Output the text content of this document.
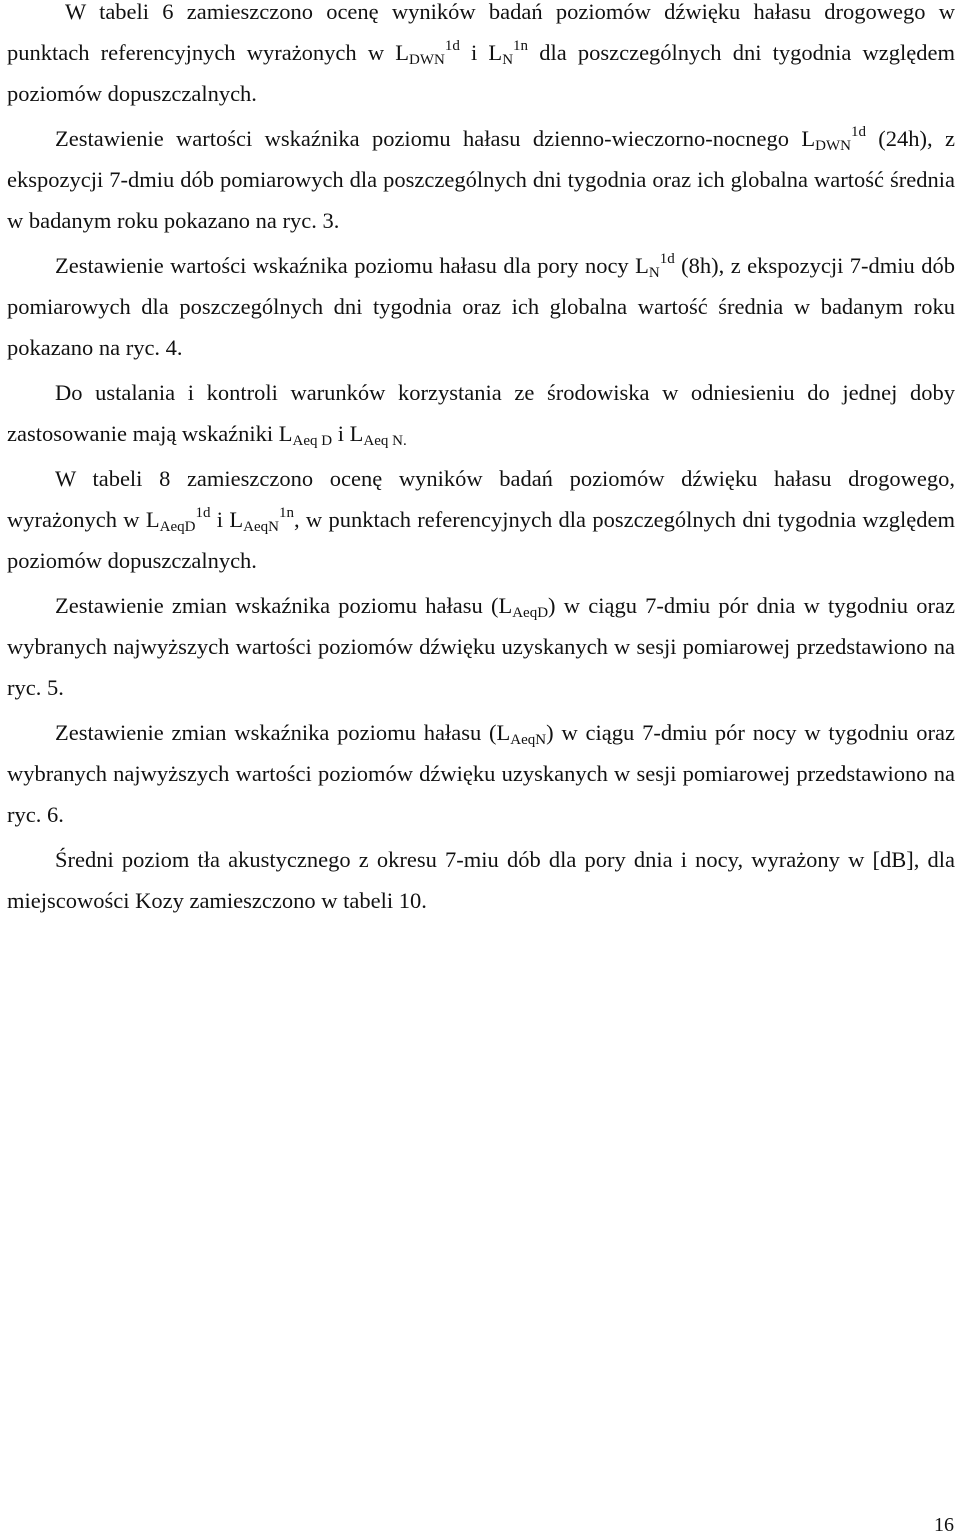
W tabeli 6 zamieszczono ocenę wyników badań poziomów dźwięku hałasu drogowego w punktach referencyjnych wyrażonych w $L_{DWN}^{1d}$ i $L_N^{1n}$ dla poszczególnych dni tygodnia względem poziomów dopuszczalnych.

Zestawienie wartości wskaźnika poziomu hałasu dzienno-wieczorno-nocnego $L_{DWN}^{1d}$ (24h), z ekspozycji 7-dmiu dób pomiarowych dla poszczególnych dni tygodnia oraz ich globalna wartość średnia w badanym roku pokazano na ryc. 3.

Zestawienie wartości wskaźnika poziomu hałasu dla pory nocy $L_N^{1d}$ (8h), z ekspozycji 7-dmiu dób pomiarowych dla poszczególnych dni tygodnia oraz ich globalna wartość średnia w badanym roku pokazano na ryc. 4.

Do ustalania i kontroli warunków korzystania ze środowiska w odniesieniu do jednej doby zastosowanie mają wskaźniki $L_{Aeq D}$ i $L_{Aeq N.}$

W tabeli 8 zamieszczono ocenę wyników badań poziomów dźwięku hałasu drogowego, wyrażonych w $L_{AeqD}^{1d}$ i $L_{AeqN}^{1n}$, w punktach referencyjnych dla poszczególnych dni tygodnia względem poziomów dopuszczalnych.

Zestawienie zmian wskaźnika poziomu hałasu $(L_{AeqD})$ w ciągu 7-dmiu pór dnia w tygodniu oraz wybranych najwyższych wartości poziomów dźwięku uzyskanych w sesji pomiarowej przedstawiono na ryc. 5.

Zestawienie zmian wskaźnika poziomu hałasu $(L_{AeqN})$ w ciągu 7-dmiu pór nocy w tygodniu oraz wybranych najwyższych wartości poziomów dźwięku uzyskanych w sesji pomiarowej przedstawiono na ryc. 6.

Średni poziom tła akustycznego z okresu 7-miu dób dla pory dnia i nocy, wyrażony w [dB], dla miejscowości Kozy zamieszczono w tabeli 10.

16
